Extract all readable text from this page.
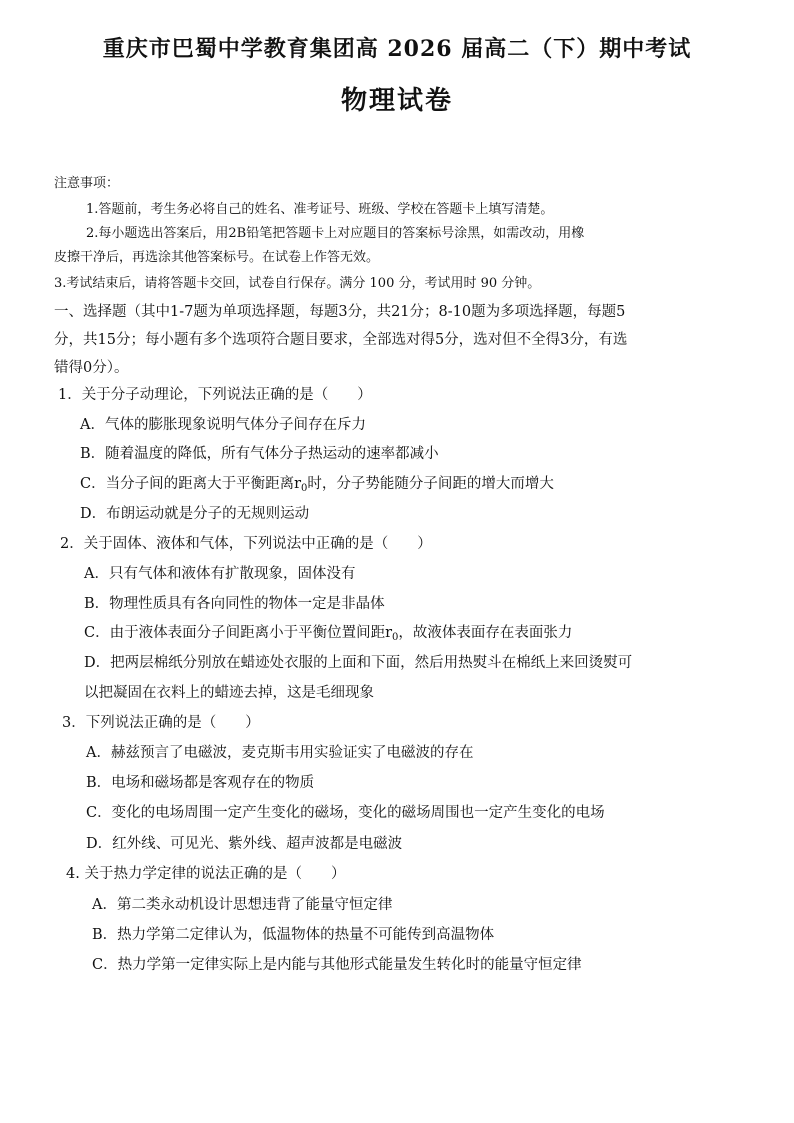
重庆市巴蜀中学教育集团高 2026 届高二（下）期中考试
物理试卷
注意事项：
1.答题前，考生务必将自己的姓名、准考证号、班级、学校在答题卡上填写清楚。
2.每小题选出答案后，用2B铅笔把答题卡上对应题目的答案标号涂黑，如需改动，用橡
皮擦干净后，再选涂其他答案标号。在试卷上作答无效。
3.考试结束后，请将答题卡交回，试卷自行保存。满分 100 分，考试用时 90 分钟。
一、选择题（其中1-7题为单项选择题，每题3分，共21分；8-10题为多项选择题，每题5
分，共15分；每小题有多个选项符合题目要求，全部选对得5分，选对但不全得3分，有选
错得0分）。
1．关于分子动理论，下列说法正确的是（　　）
A．气体的膨胀现象说明气体分子间存在斥力
B．随着温度的降低，所有气体分子热运动的速率都减小
C．当分子间的距离大于平衡距离$r_0$时，分子势能随分子间距的增大而增大
D．布朗运动就是分子的无规则运动
2．关于固体、液体和气体，下列说法中正确的是（　　）
A．只有气体和液体有扩散现象，固体没有
B．物理性质具有各向同性的物体一定是非晶体
C．由于液体表面分子间距离小于平衡位置间距$r_0$，故液体表面存在表面张力
D．把两层棉纸分别放在蜡迹处衣服的上面和下面，然后用热熨斗在棉纸上来回烫熨可
以把凝固在衣料上的蜡迹去掉，这是毛细现象
3．下列说法正确的是（　　）
A．赫兹预言了电磁波，麦克斯韦用实验证实了电磁波的存在
B．电场和磁场都是客观存在的物质
C．变化的电场周围一定产生变化的磁场，变化的磁场周围也一定产生变化的电场
D．红外线、可见光、紫外线、超声波都是电磁波
4. 关于热力学定律的说法正确的是（　　）
A．第二类永动机设计思想违背了能量守恒定律
B．热力学第二定律认为，低温物体的热量不可能传到高温物体
C．热力学第一定律实际上是内能与其他形式能量发生转化时的能量守恒定律
